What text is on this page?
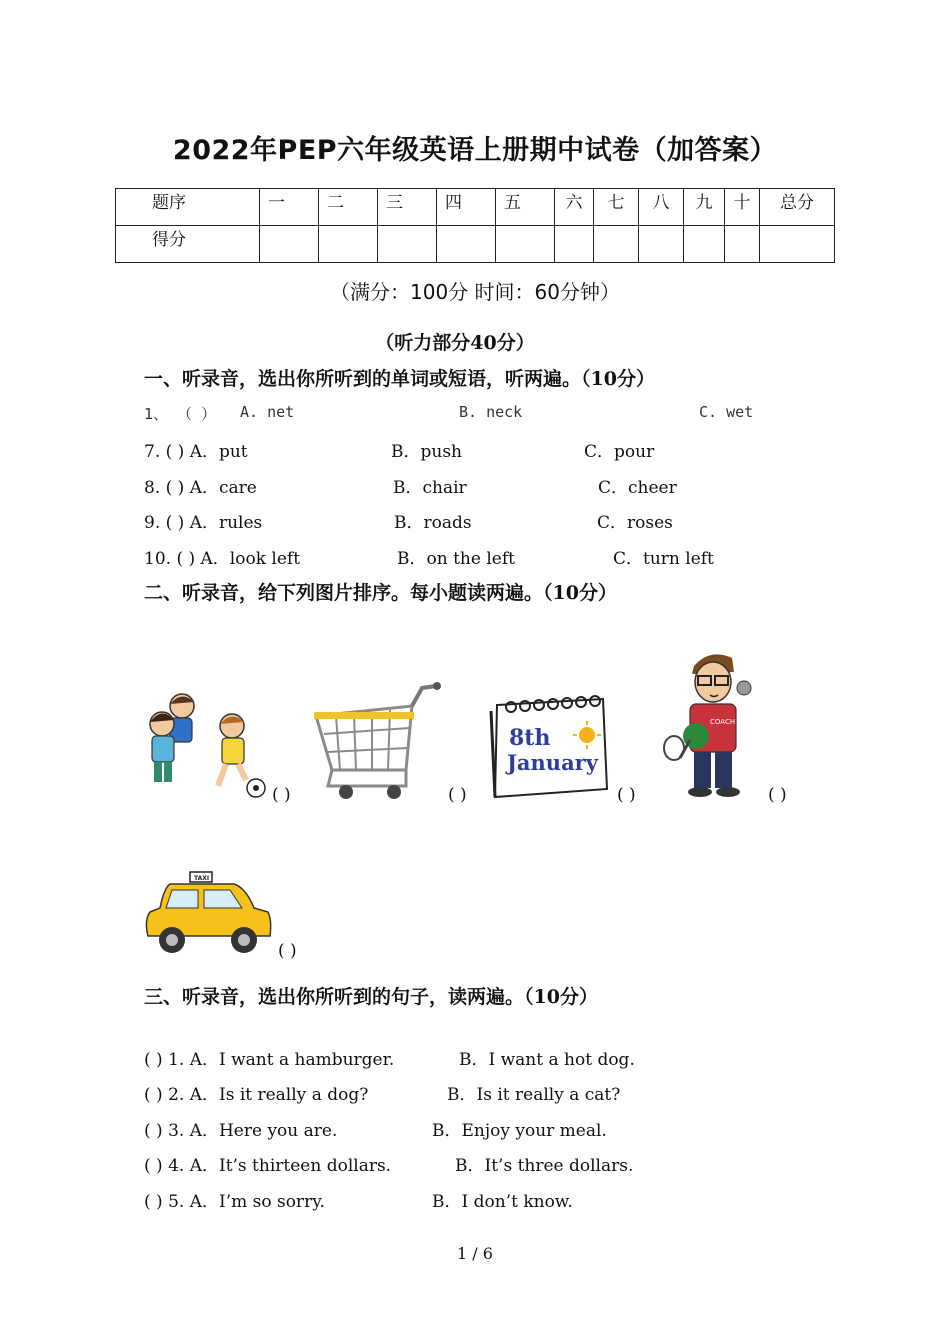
2022年PEP六年级英语上册期中试卷（加答案）
题序	一	二	三	四	五	六	七	八	九	十	总分
得分											
（满分：100分 时间：60分钟）
（听力部分40分）
一、听录音，选出你所听到的单词或短语，听两遍。（10分）
1、 （ ） A. net	B. neck	C. wet
7. ( ) A．put	B．push	C．pour
8. ( ) A．care	B．chair	C．cheer
9. ( ) A．rules	B．roads	C．roses
10. ( ) A．look left	B．on the left	C．turn left
二、听录音，给下列图片排序。每小题读两遍。（10分）
( )	( )
8th
January
( )
COACH
( )
TAXI
( )
三、听录音，选出你所听到的句子，读两遍。（10分）
( ) 1. A．I want a hamburger.	B．I want a hot dog.
( ) 2. A．Is it really a dog?	B．Is it really a cat?
( ) 3. A．Here you are.	B．Enjoy your meal.
( ) 4. A．It’s thirteen dollars.	B．It’s three dollars.
( ) 5. A．I’m so sorry.	B．I don’t know.
1 / 6
